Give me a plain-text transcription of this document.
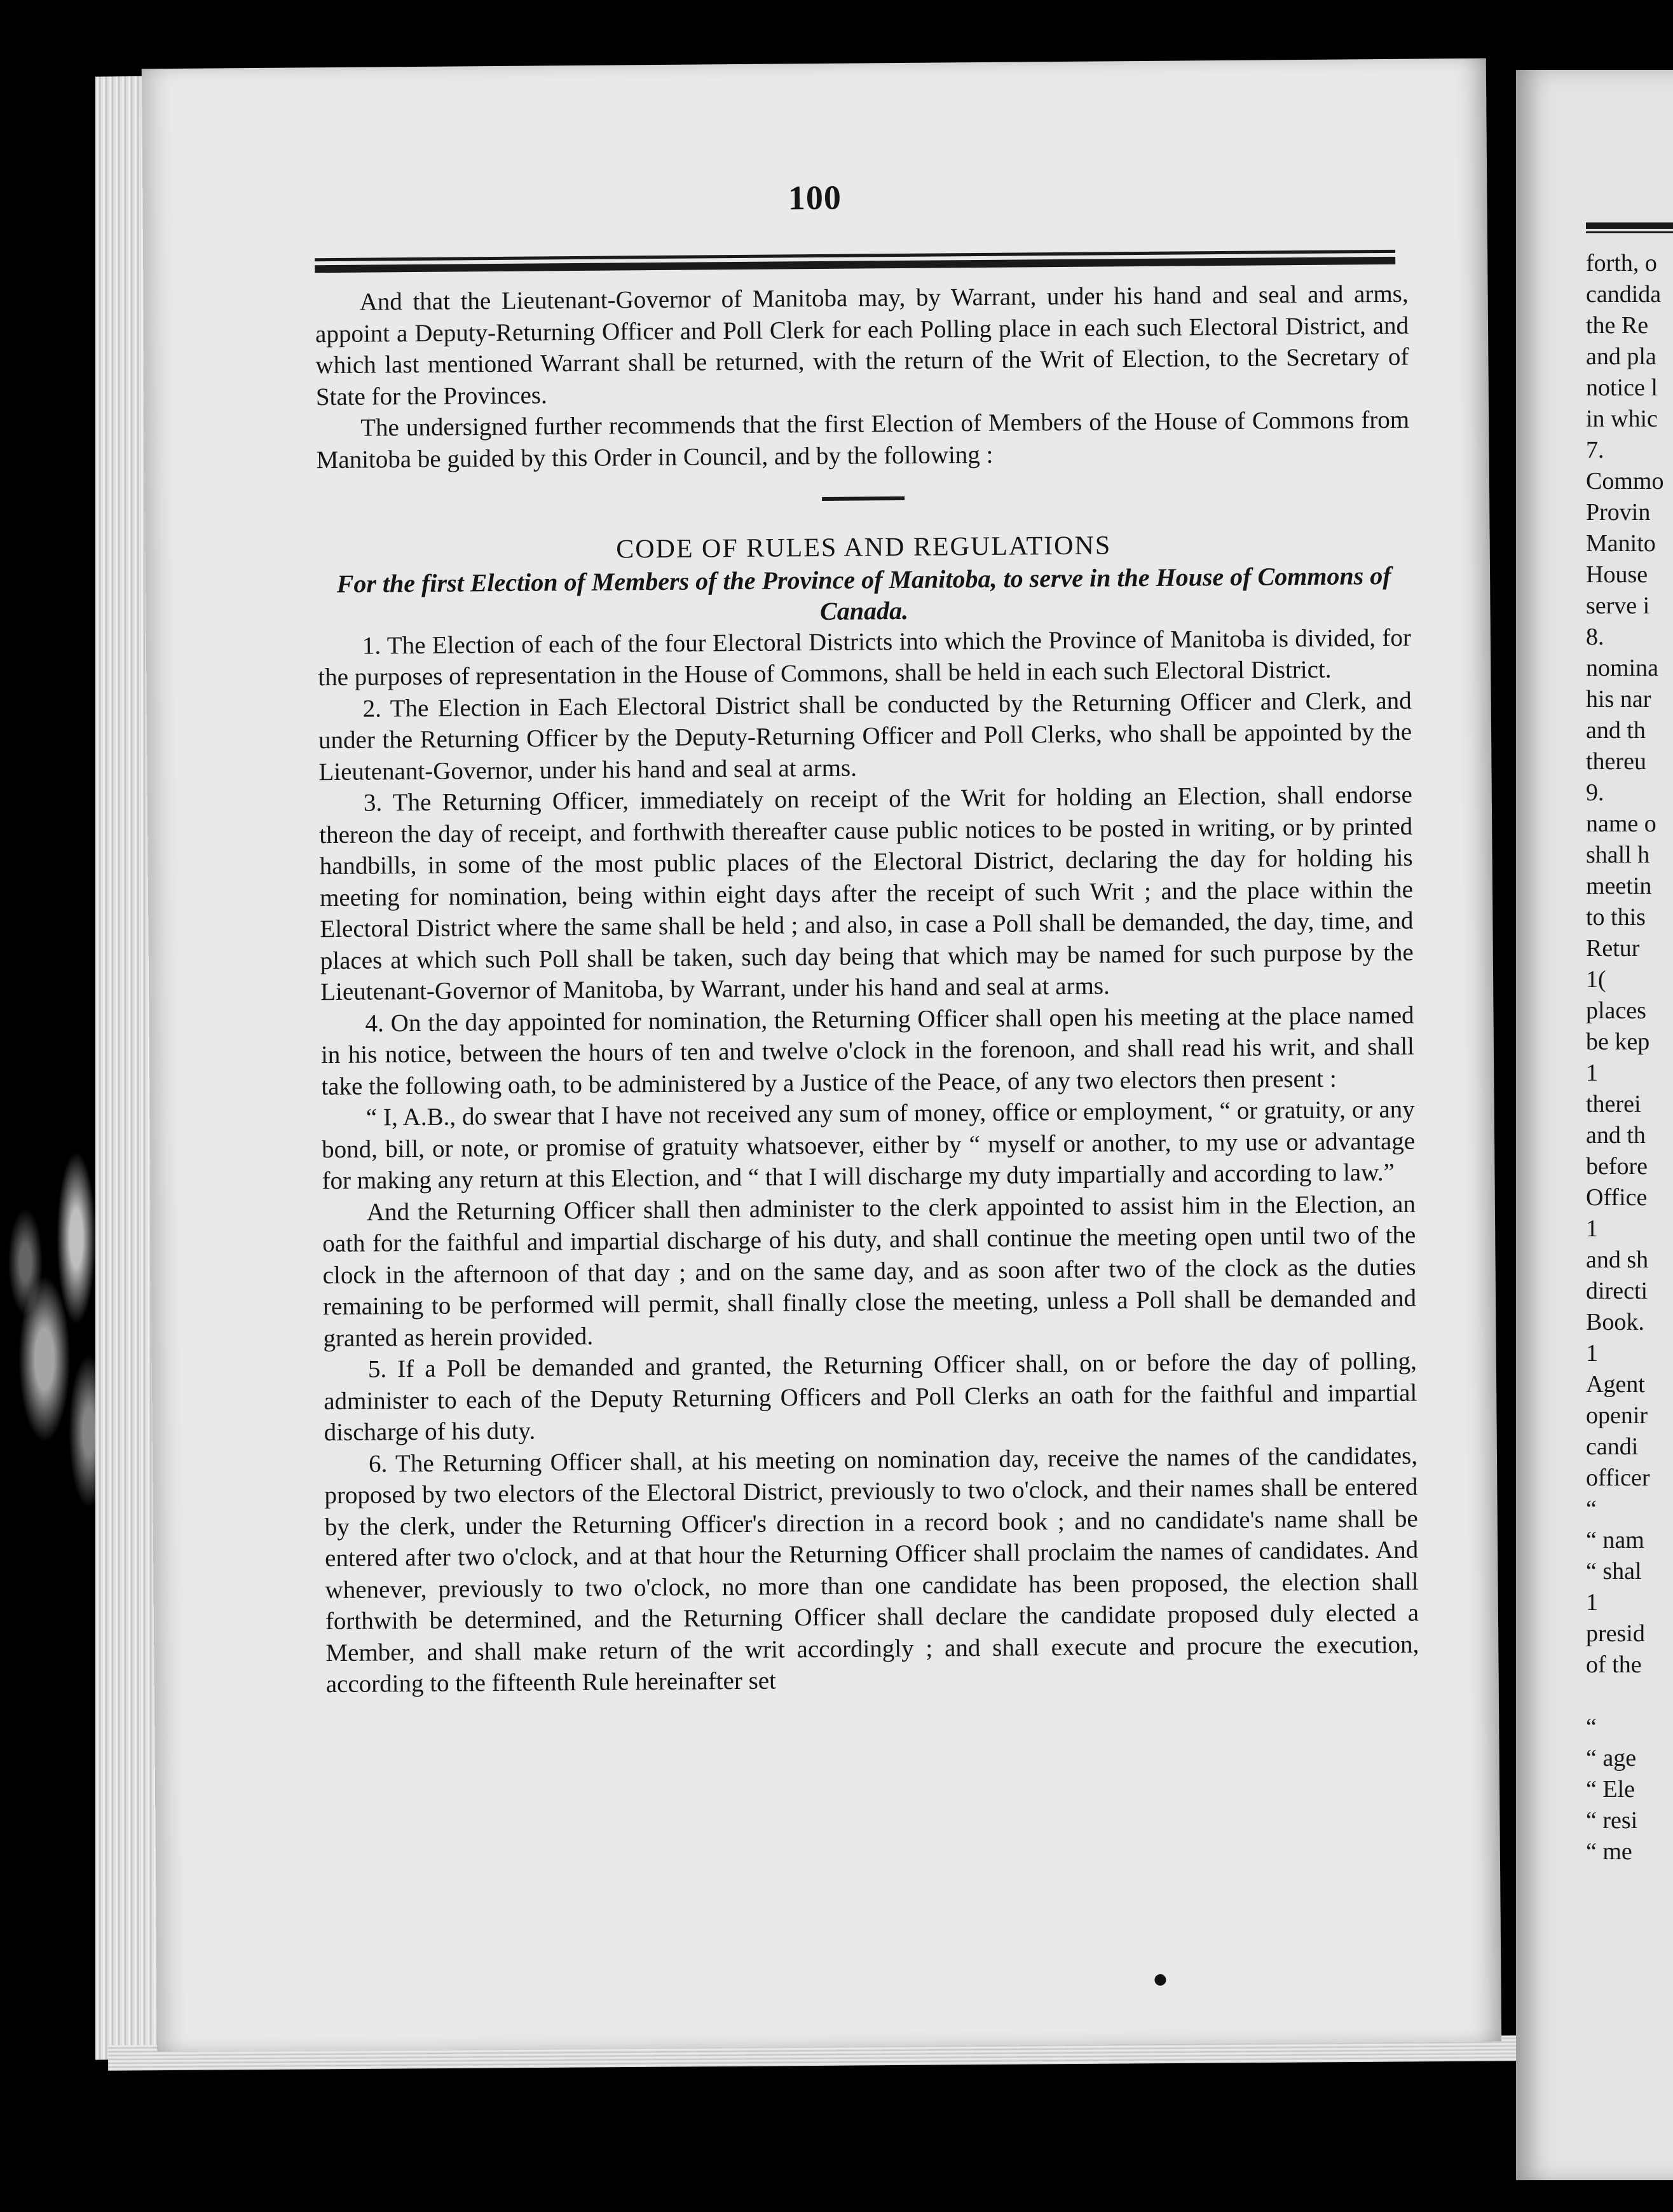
forth, o
candida
the Re
and pla
notice l
in whic
7.
Commo
Provin
Manito
House
serve i
8.
nomina
his nar
and th
thereu
9.
name o
shall h
meetin
to this
Retur
1(
places
be kep
1
therei
and th
before
Office
1
and sh
directi
Book.
1
Agent
openir
candi
officer
“
“ nam
“ shal
1
presid
of the
“
“ age
“ Ele
“ resi
“ me
100

And that the Lieutenant-Governor of Manitoba may, by Warrant, under his hand and seal and arms, appoint a Deputy-Returning Officer and Poll Clerk for each Polling place in each such Electoral District, and which last mentioned Warrant shall be returned, with the return of the Writ of Election, to the Secretary of State for the Provinces.

The undersigned further recommends that the first Election of Members of the House of Commons from Manitoba be guided by this Order in Council, and by the following :

CODE OF RULES AND REGULATIONS

For the first Election of Members of the Province of Manitoba, to serve in the House of Commons of Canada.

1. The Election of each of the four Electoral Districts into which the Province of Manitoba is divided, for the purposes of representation in the House of Commons, shall be held in each such Electoral District.

2. The Election in Each Electoral District shall be conducted by the Returning Officer and Clerk, and under the Returning Officer by the Deputy-Returning Officer and Poll Clerks, who shall be appointed by the Lieutenant-Governor, under his hand and seal at arms.

3. The Returning Officer, immediately on receipt of the Writ for holding an Election, shall endorse thereon the day of receipt, and forthwith thereafter cause public notices to be posted in writing, or by printed handbills, in some of the most public places of the Electoral District, declaring the day for holding his meeting for nomination, being within eight days after the receipt of such Writ ; and the place within the Electoral District where the same shall be held ; and also, in case a Poll shall be demanded, the day, time, and places at which such Poll shall be taken, such day being that which may be named for such purpose by the Lieutenant-Governor of Manitoba, by Warrant, under his hand and seal at arms.

4. On the day appointed for nomination, the Returning Officer shall open his meeting at the place named in his notice, between the hours of ten and twelve o'clock in the forenoon, and shall read his writ, and shall take the following oath, to be administered by a Justice of the Peace, of any two electors then present :

“ I, A.B., do swear that I have not received any sum of money, office or employment, “ or gratuity, or any bond, bill, or note, or promise of gratuity whatsoever, either by “ myself or another, to my use or advantage for making any return at this Election, and “ that I will discharge my duty impartially and according to law.”

And the Returning Officer shall then administer to the clerk appointed to assist him in the Election, an oath for the faithful and impartial discharge of his duty, and shall continue the meeting open until two of the clock in the afternoon of that day ; and on the same day, and as soon after two of the clock as the duties remaining to be performed will permit, shall finally close the meeting, unless a Poll shall be demanded and granted as herein provided.

5. If a Poll be demanded and granted, the Returning Officer shall, on or before the day of polling, administer to each of the Deputy Returning Officers and Poll Clerks an oath for the faithful and impartial discharge of his duty.

6. The Returning Officer shall, at his meeting on nomination day, receive the names of the candidates, proposed by two electors of the Electoral District, previously to two o'clock, and their names shall be entered by the clerk, under the Returning Officer's direction in a record book ; and no candidate's name shall be entered after two o'clock, and at that hour the Returning Officer shall proclaim the names of candidates. And whenever, previously to two o'clock, no more than one candidate has been proposed, the election shall forthwith be determined, and the Returning Officer shall declare the candidate proposed duly elected a Member, and shall make return of the writ accordingly ; and shall execute and procure the execution, according to the fifteenth Rule hereinafter set
